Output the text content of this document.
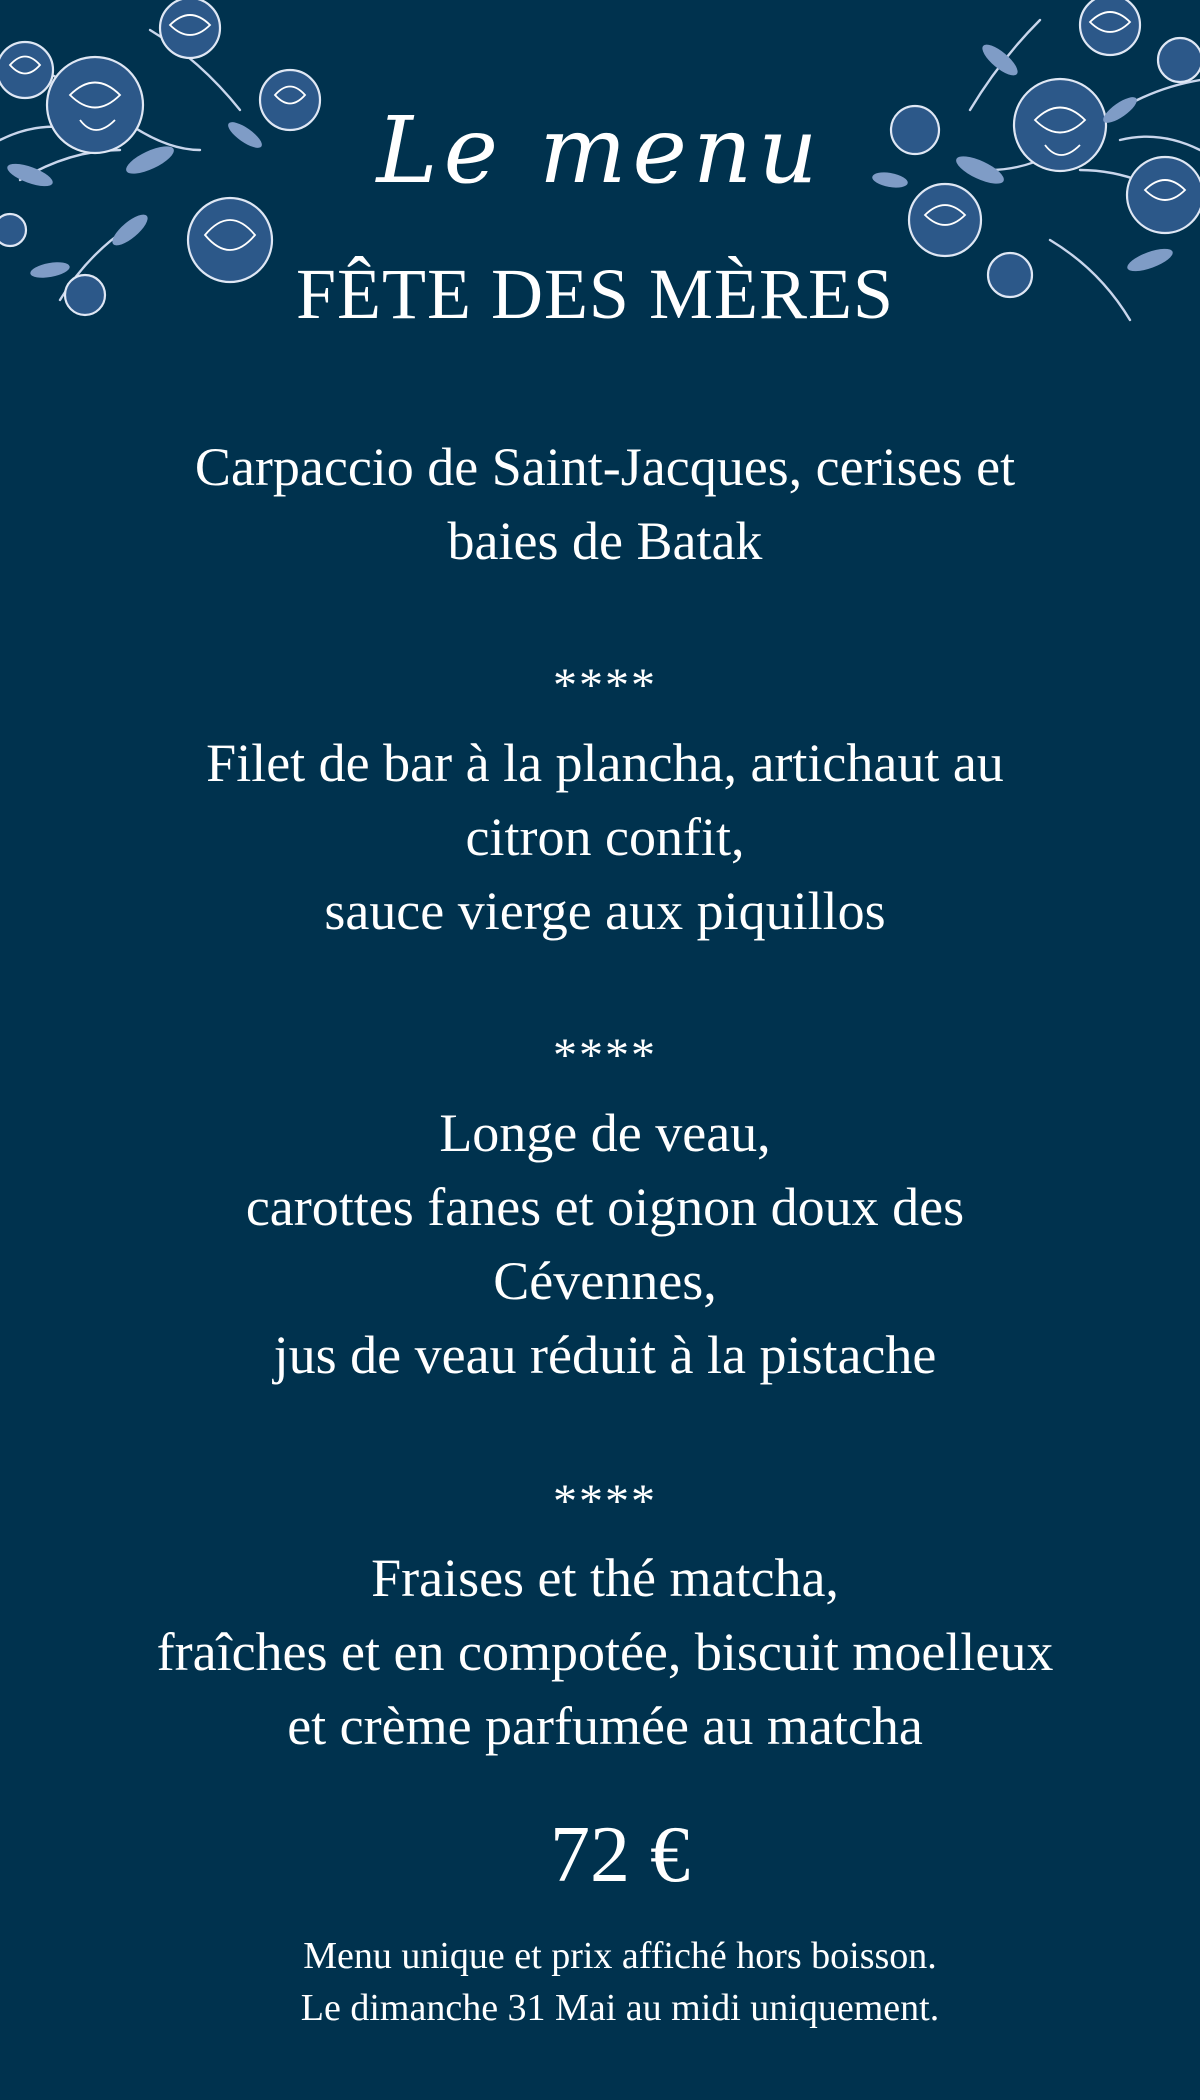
Le menu
FÊTE DES MÈRES
Carpaccio de Saint-Jacques, cerises et
baies de Batak
****
Filet de bar à la plancha, artichaut au
citron confit,
sauce vierge aux piquillos
****
Longe de veau,
carottes fanes et oignon doux des
Cévennes,
jus de veau réduit à la pistache
****
Fraises et thé matcha,
fraîches et en compotée, biscuit moelleux
et crème parfumée au matcha
72 €
Menu unique et prix affiché hors boisson.
Le dimanche 31 Mai au midi uniquement.
